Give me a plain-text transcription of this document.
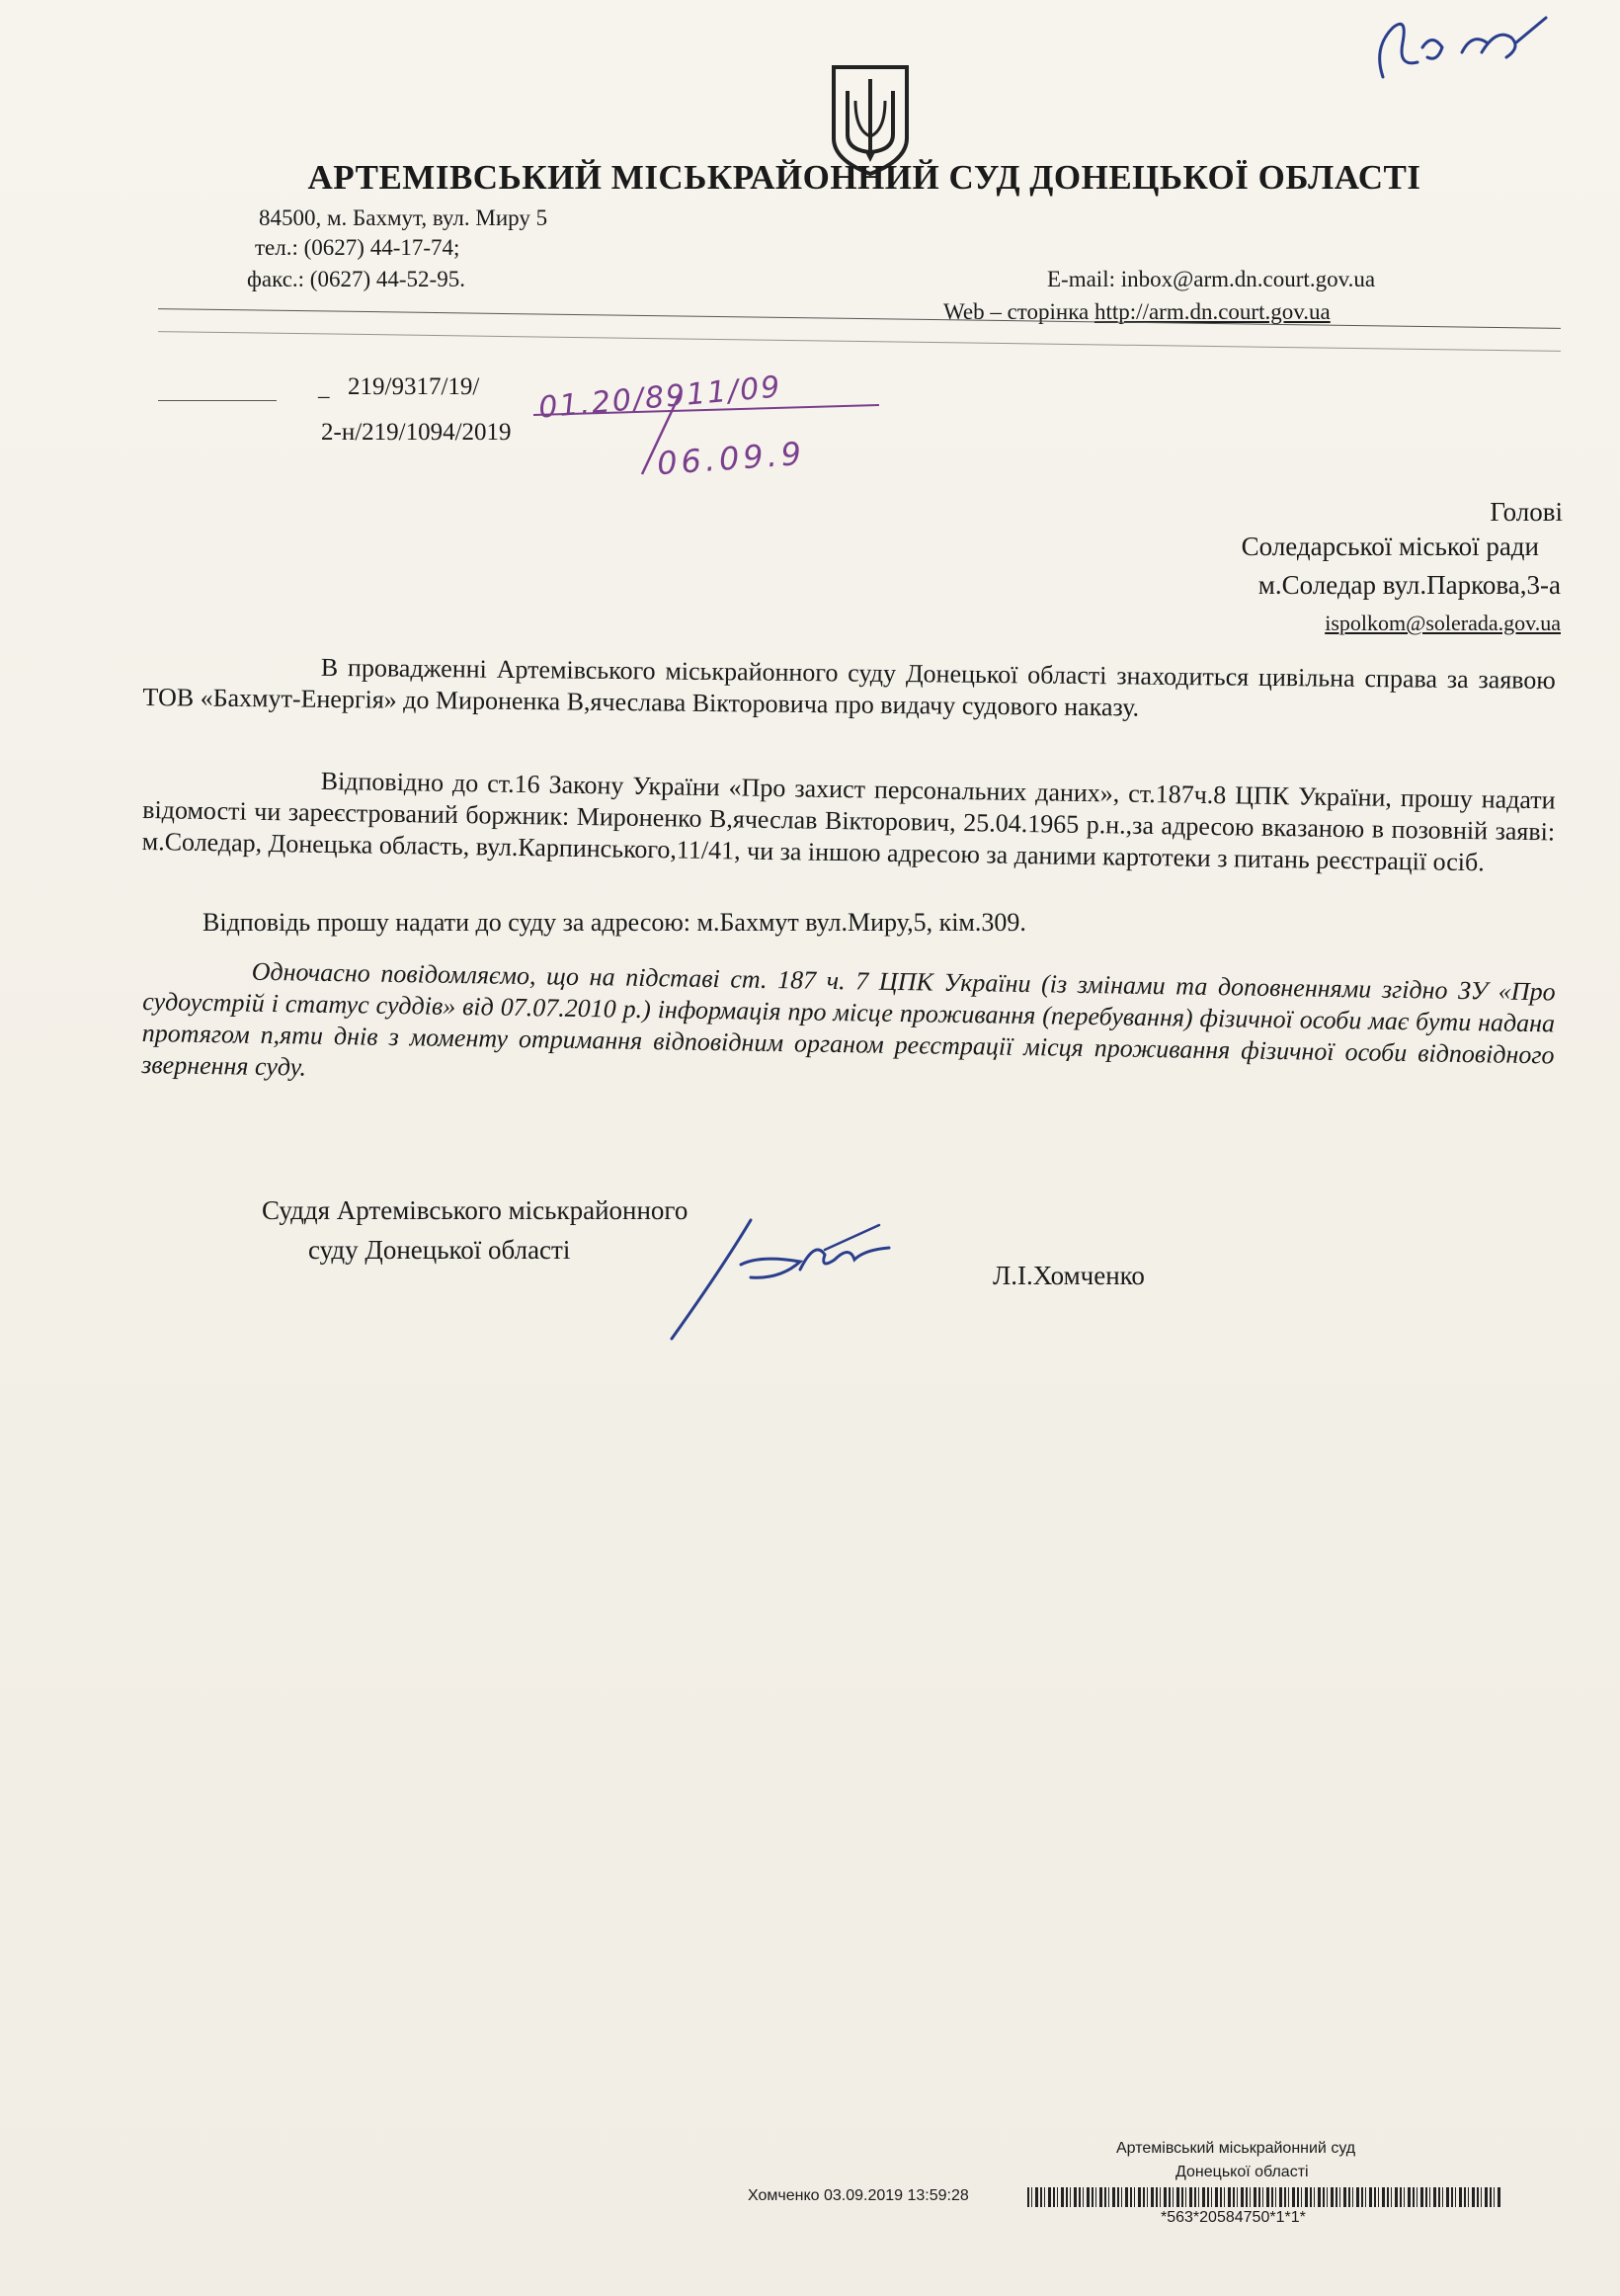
АРТЕМІВСЬКИЙ МІСЬКРАЙОННИЙ СУД ДОНЕЦЬКОЇ ОБЛАСТІ
84500, м. Бахмут, вул. Миру 5
тел.: (0627) 44-17-74;
факс.: (0627) 44-52-95.	E-mail: inbox@arm.dn.court.gov.ua
Web – сторінка http://arm.dn.court.gov.ua
_ 219/9317/19/
2-н/219/1094/2019
01.20/8911/09
06.09.9
Голові
Соледарської міської ради
м.Соледар вул.Паркова,3-а
ispolkom@solerada.gov.ua

В провадженні Артемівського міськрайонного суду Донецької області знаходиться цивільна справа за заявою ТОВ «Бахмут-Енергія» до Мироненка В,ячеслава Вікторовича про видачу судового наказу.

Відповідно до ст.16 Закону України «Про захист персональних даних», ст.187ч.8 ЦПК України, прошу надати відомості чи зареєстрований боржник: Мироненко В,ячеслав Вікторович, 25.04.1965 р.н.,за адресою вказаною в позовній заяві: м.Соледар, Донецька область, вул.Карпинського,11/41, чи за іншою адресою за даними картотеки з питань реєстрації осіб.

Відповідь прошу надати до суду за адресою: м.Бахмут вул.Миру,5, кім.309.

Одночасно повідомляємо, що на підставі ст. 187 ч. 7 ЦПК України (із змінами та доповненнями згідно ЗУ «Про судоустрій і статус суддів» від 07.07.2010 р.) інформація про місце проживання (перебування) фізичної особи має бути надана протягом п,яти днів з моменту отримання відповідним органом реєстрації місця проживання фізичної особи відповідного звернення суду.

Суддя Артемівського міськрайонного
суду Донецької області
Л.І.Хомченко
Артемівський міськрайонний суд
Донецької області
Хомченко 03.09.2019 13:59:28
*563*20584750*1*1*
